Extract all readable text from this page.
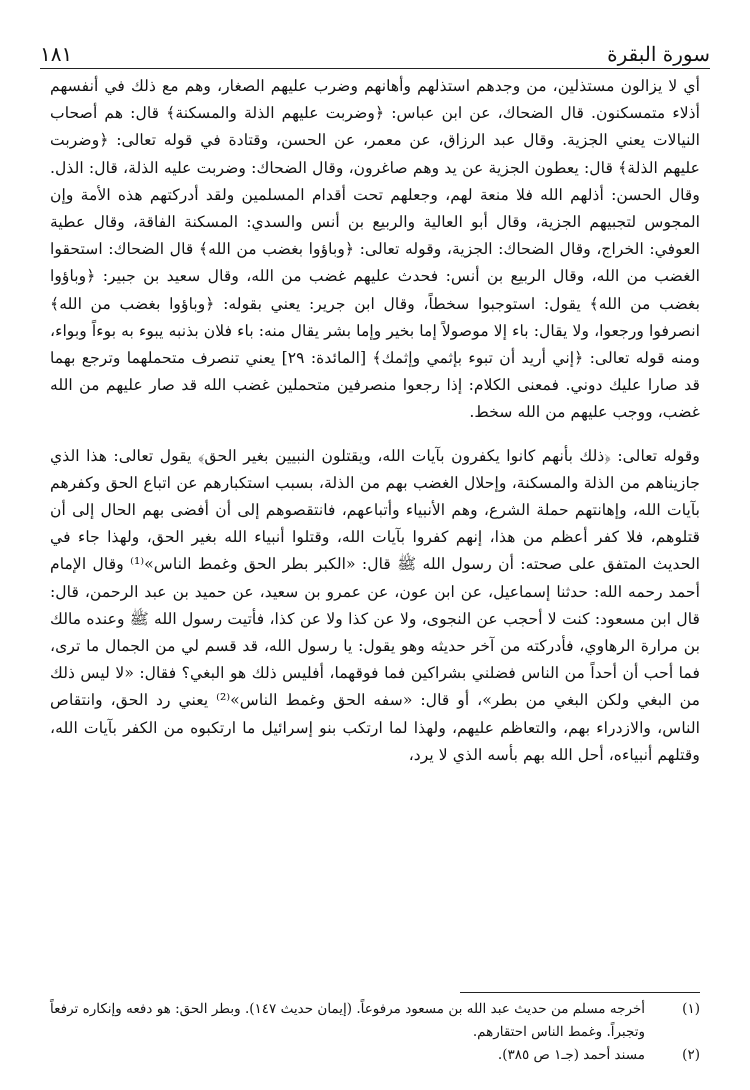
سورة البقرة
١٨١

أي لا يزالون مستذلين، من وجدهم استذلهم وأهانهم وضرب عليهم الصغار، وهم مع ذلك في أنفسهم أذلاء متمسكنون. قال الضحاك، عن ابن عباس: ﴿وضربت عليهم الذلة والمسكنة﴾ قال: هم أصحاب النيالات يعني الجزية. وقال عبد الرزاق، عن معمر، عن الحسن، وقتادة في قوله تعالى: ﴿وضربت عليهم الذلة﴾ قال: يعطون الجزية عن يد وهم صاغرون، وقال الضحاك: وضربت عليه الذلة، قال: الذل. وقال الحسن: أذلهم الله فلا منعة لهم، وجعلهم تحت أقدام المسلمين ولقد أدركتهم هذه الأمة وإن المجوس لتجبيهم الجزية، وقال أبو العالية والربيع بن أنس والسدي: المسكنة الفاقة، وقال عطية العوفي: الخراج، وقال الضحاك: الجزية، وقوله تعالى: ﴿وباؤوا بغضب من الله﴾ قال الضحاك: استحقوا الغضب من الله، وقال الربيع بن أنس: فحدث عليهم غضب من الله، وقال سعيد بن جبير: ﴿وباؤوا بغضب من الله﴾ يقول: استوجبوا سخطاً، وقال ابن جرير: يعني بقوله: ﴿وباؤوا بغضب من الله﴾ انصرفوا ورجعوا، ولا يقال: باء إلا موصولاً إما بخير وإما بشر يقال منه: باء فلان بذنبه يبوء به بوءاً وبواء، ومنه قوله تعالى: ﴿إني أريد أن تبوء بإثمي وإثمك﴾ [المائدة: ٢٩] يعني تنصرف متحملهما وترجع بهما قد صارا عليك دوني. فمعنى الكلام: إذا رجعوا منصرفين متحملين غضب الله قد صار عليهم من الله غضب، ووجب عليهم من الله سخط.

وقوله تعالى: ﴿ذلك بأنهم كانوا يكفرون بآيات الله، ويقتلون النبيين بغير الحق﴾ يقول تعالى: هذا الذي جازيناهم من الذلة والمسكنة، وإحلال الغضب بهم من الذلة، بسبب استكبارهم عن اتباع الحق وكفرهم بآيات الله، وإهانتهم حملة الشرع، وهم الأنبياء وأتباعهم، فانتقصوهم إلى أن أفضى بهم الحال إلى أن قتلوهم، فلا كفر أعظم من هذا، إنهم كفروا بآيات الله، وقتلوا أنبياء الله بغير الحق، ولهذا جاء في الحديث المتفق على صحته: أن رسول الله ﷺ قال: «الكبر بطر الحق وغمط الناس»⁽¹⁾ وقال الإمام أحمد رحمه الله: حدثنا إسماعيل، عن ابن عون، عن عمرو بن سعيد، عن حميد بن عبد الرحمن، قال: قال ابن مسعود: كنت لا أحجب عن النجوى، ولا عن كذا ولا عن كذا، فأتيت رسول الله ﷺ وعنده مالك بن مرارة الرهاوي، فأدركته من آخر حديثه وهو يقول: يا رسول الله، قد قسم لي من الجمال ما ترى، فما أحب أن أحداً من الناس فضلني بشراكين فما فوقهما، أفليس ذلك هو البغي؟ فقال: «لا ليس ذلك من البغي ولكن البغي من بطر»، أو قال: «سفه الحق وغمط الناس»⁽²⁾ يعني رد الحق، وانتقاص الناس، والازدراء بهم، والتعاظم عليهم، ولهذا لما ارتكب بنو إسرائيل ما ارتكبوه من الكفر بآيات الله، وقتلهم أنبياءه، أحل الله بهم بأسه الذي لا يرد،

(١)
أخرجه مسلم من حديث عبد الله بن مسعود مرفوعاً. (إيمان حديث ١٤٧). وبطر الحق: هو دفعه وإنكاره ترفعاً وتجبراً. وغمط الناس احتقارهم.
(٢)
مسند أحمد (جـ١ ص ٣٨٥).
